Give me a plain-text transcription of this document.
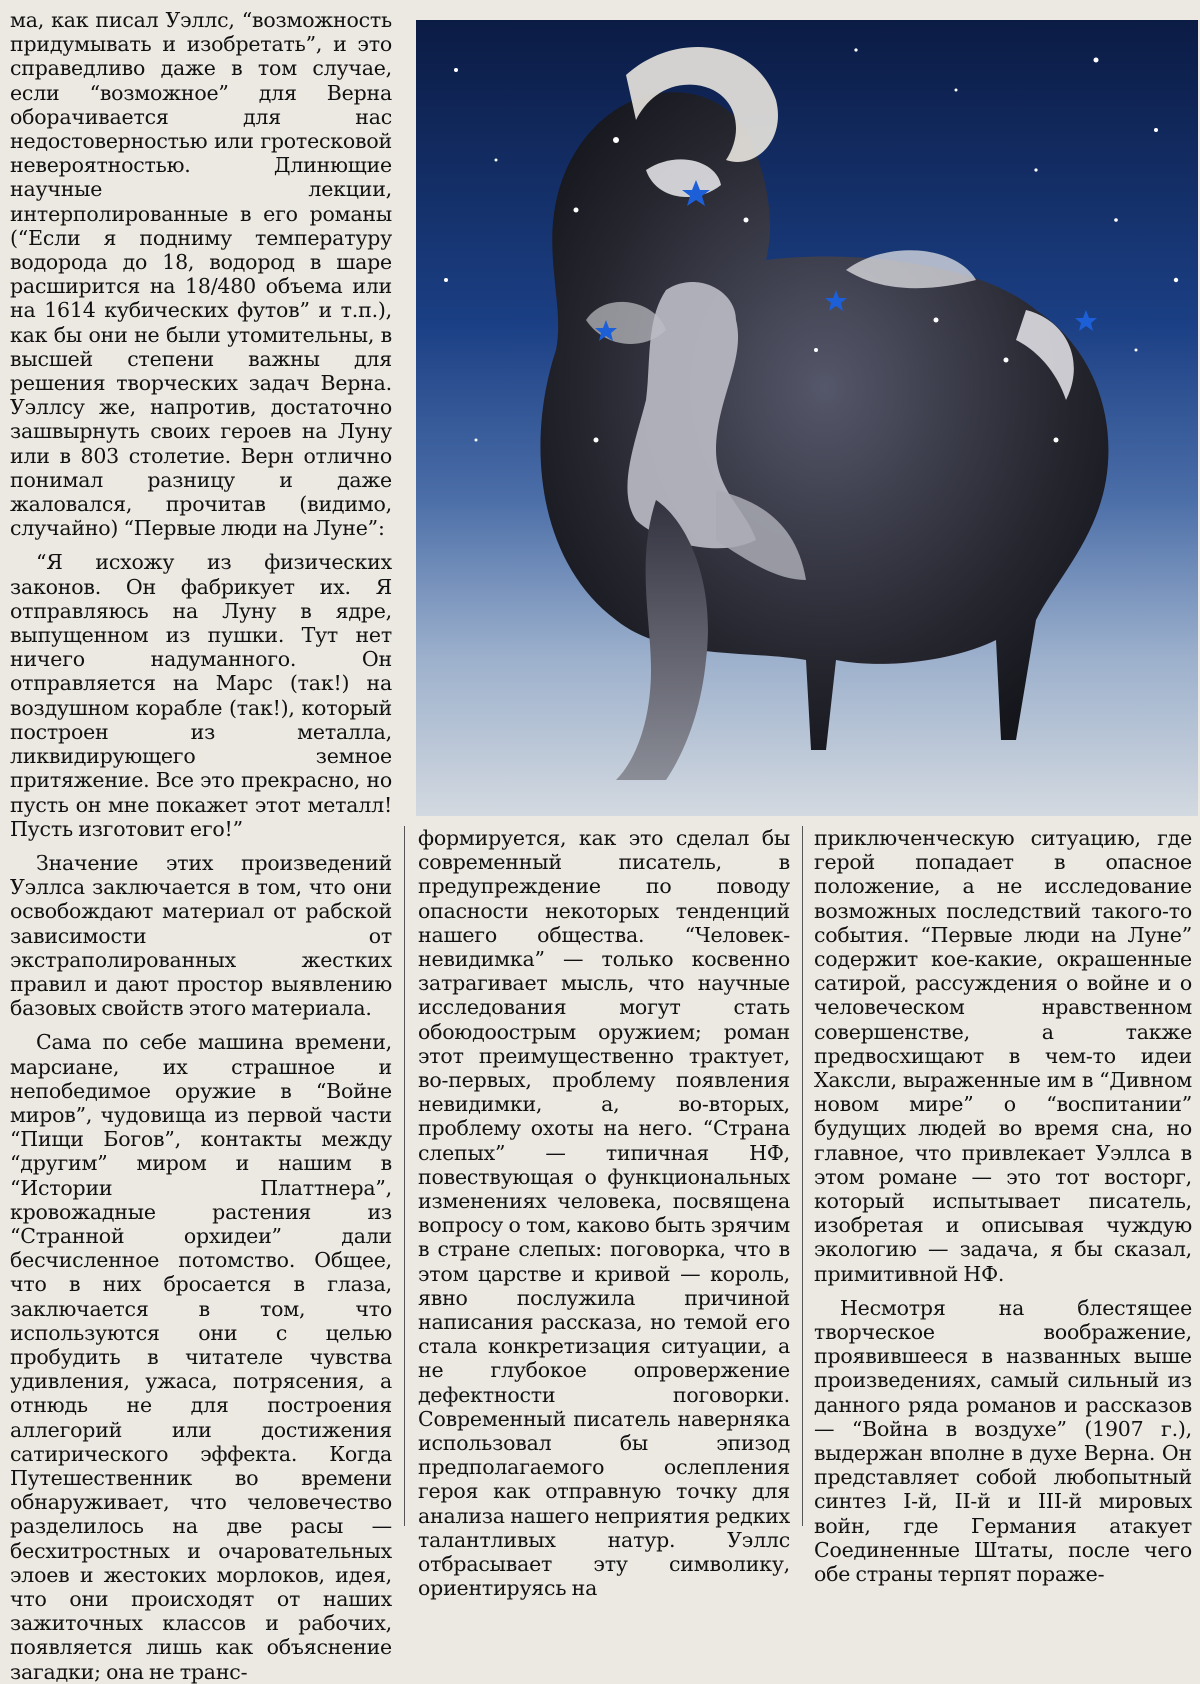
ма, как писал Уэллс, “возможность придумывать и изобретать”, и это справедливо даже в том случае, если “возможное” для Верна оборачивается для нас недостоверностью или гротесковой невероятностью. Длинющие научные лекции, интерполированные в его романы (“Если я подниму температуру водорода до 18, водород в шаре расширится на 18/480 объема или на 1614 кубических футов” и т.п.), как бы они не были утомительны, в высшей степени важны для решения творческих задач Верна. Уэллсу же, напротив, достаточно зашвырнуть своих героев на Луну или в 803 столетие. Верн отлично понимал разницу и даже жаловался, прочитав (видимо, случайно) “Первые люди на Луне”:

“Я исхожу из физических законов. Он фабрикует их. Я отправляюсь на Луну в ядре, выпущенном из пушки. Тут нет ничего надуманного. Он отправляется на Марс (так!) на воздушном корабле (так!), который построен из металла, ликвидирующего земное притяжение. Все это прекрасно, но пусть он мне покажет этот металл! Пусть изготовит его!”

Значение этих произведений Уэллса заключается в том, что они освобождают материал от рабской зависимости от экстраполированных жестких правил и дают простор выявлению базовых свойств этого материала.

Сама по себе машина времени, марсиане, их страшное и непобедимое оружие в “Войне миров”, чудовища из первой части “Пищи Богов”, контакты между “другим” миром и нашим в “Истории Платтнера”, кровожадные растения из “Странной орхидеи” дали бесчисленное потомство. Общее, что в них бросается в глаза, заключается в том, что используются они с целью пробудить в читателе чувства удивления, ужаса, потрясения, а отнюдь не для построения аллегорий или достижения сатирического эффекта. Когда Путешественник во времени обнаруживает, что человечество разделилось на две расы — бесхитростных и очаровательных элоев и жестоких морлоков, идея, что они происходят от наших зажиточных классов и рабочих, появляется лишь как объяснение загадки; она не транс-

формируется, как это сделал бы современный писатель, в предупреждение по поводу опасности некоторых тенденций нашего общества. “Человек-невидимка” — только косвенно затрагивает мысль, что научные исследования могут стать обоюдоострым оружием; роман этот преимущественно трактует, во-первых, проблему появления невидимки, а, во-вторых, проблему охоты на него. “Страна слепых” — типичная НФ, повествующая о функциональных изменениях человека, посвящена вопросу о том, каково быть зрячим в стране слепых: поговорка, что в этом царстве и кривой — король, явно послужила причиной написания рассказа, но темой его стала конкретизация ситуации, а не глубокое опровержение дефектности поговорки. Современный писатель наверняка использовал бы эпизод предполагаемого ослепления героя как отправную точку для анализа нашего неприятия редких талантливых натур. Уэллс отбрасывает эту символику, ориентируясь на

приключенческую ситуацию, где герой попадает в опасное положение, а не исследование возможных последствий такого-то события. “Первые люди на Луне” содержит кое-какие, окрашенные сатирой, рассуждения о войне и о человеческом нравственном совершенстве, а также предвосхищают в чем-то идеи Хаксли, выраженные им в “Дивном новом мире” о “воспитании” будущих людей во время сна, но главное, что привлекает Уэллса в этом романе — это тот восторг, который испытывает писатель, изобретая и описывая чуждую экологию — задача, я бы сказал, примитивной НФ.

Несмотря на блестящее творческое воображение, проявившееся в названных выше произведениях, самый сильный из данного ряда романов и рассказов — “Война в воздухе” (1907 г.), выдержан вполне в духе Верна. Он представляет собой любопытный синтез I-й, II-й и III-й мировых войн, где Германия атакует Соединенные Штаты, после чего обе страны терпят пораже-
